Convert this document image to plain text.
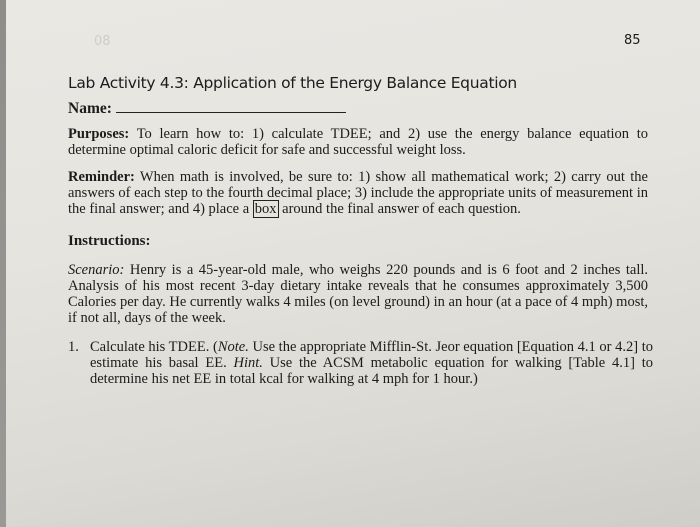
08	85
Lab Activity 4.3: Application of the Energy Balance Equation
Name:
Purposes: To learn how to: 1) calculate TDEE; and 2) use the energy balance equation to determine optimal caloric deficit for safe and successful weight loss.
Reminder: When math is involved, be sure to: 1) show all mathematical work; 2) carry out the answers of each step to the fourth decimal place; 3) include the appropriate units of measurement in the final answer; and 4) place a box around the final answer of each question.
Instructions:
Scenario: Henry is a 45-year-old male, who weighs 220 pounds and is 6 foot and 2 inches tall. Analysis of his most recent 3-day dietary intake reveals that he consumes approximately 3,500 Calories per day. He currently walks 4 miles (on level ground) in an hour (at a pace of 4 mph) most, if not all, days of the week.
1. Calculate his TDEE. (Note. Use the appropriate Mifflin-St. Jeor equation [Equation 4.1 or 4.2] to estimate his basal EE. Hint. Use the ACSM metabolic equation for walking [Table 4.1] to determine his net EE in total kcal for walking at 4 mph for 1 hour.)
